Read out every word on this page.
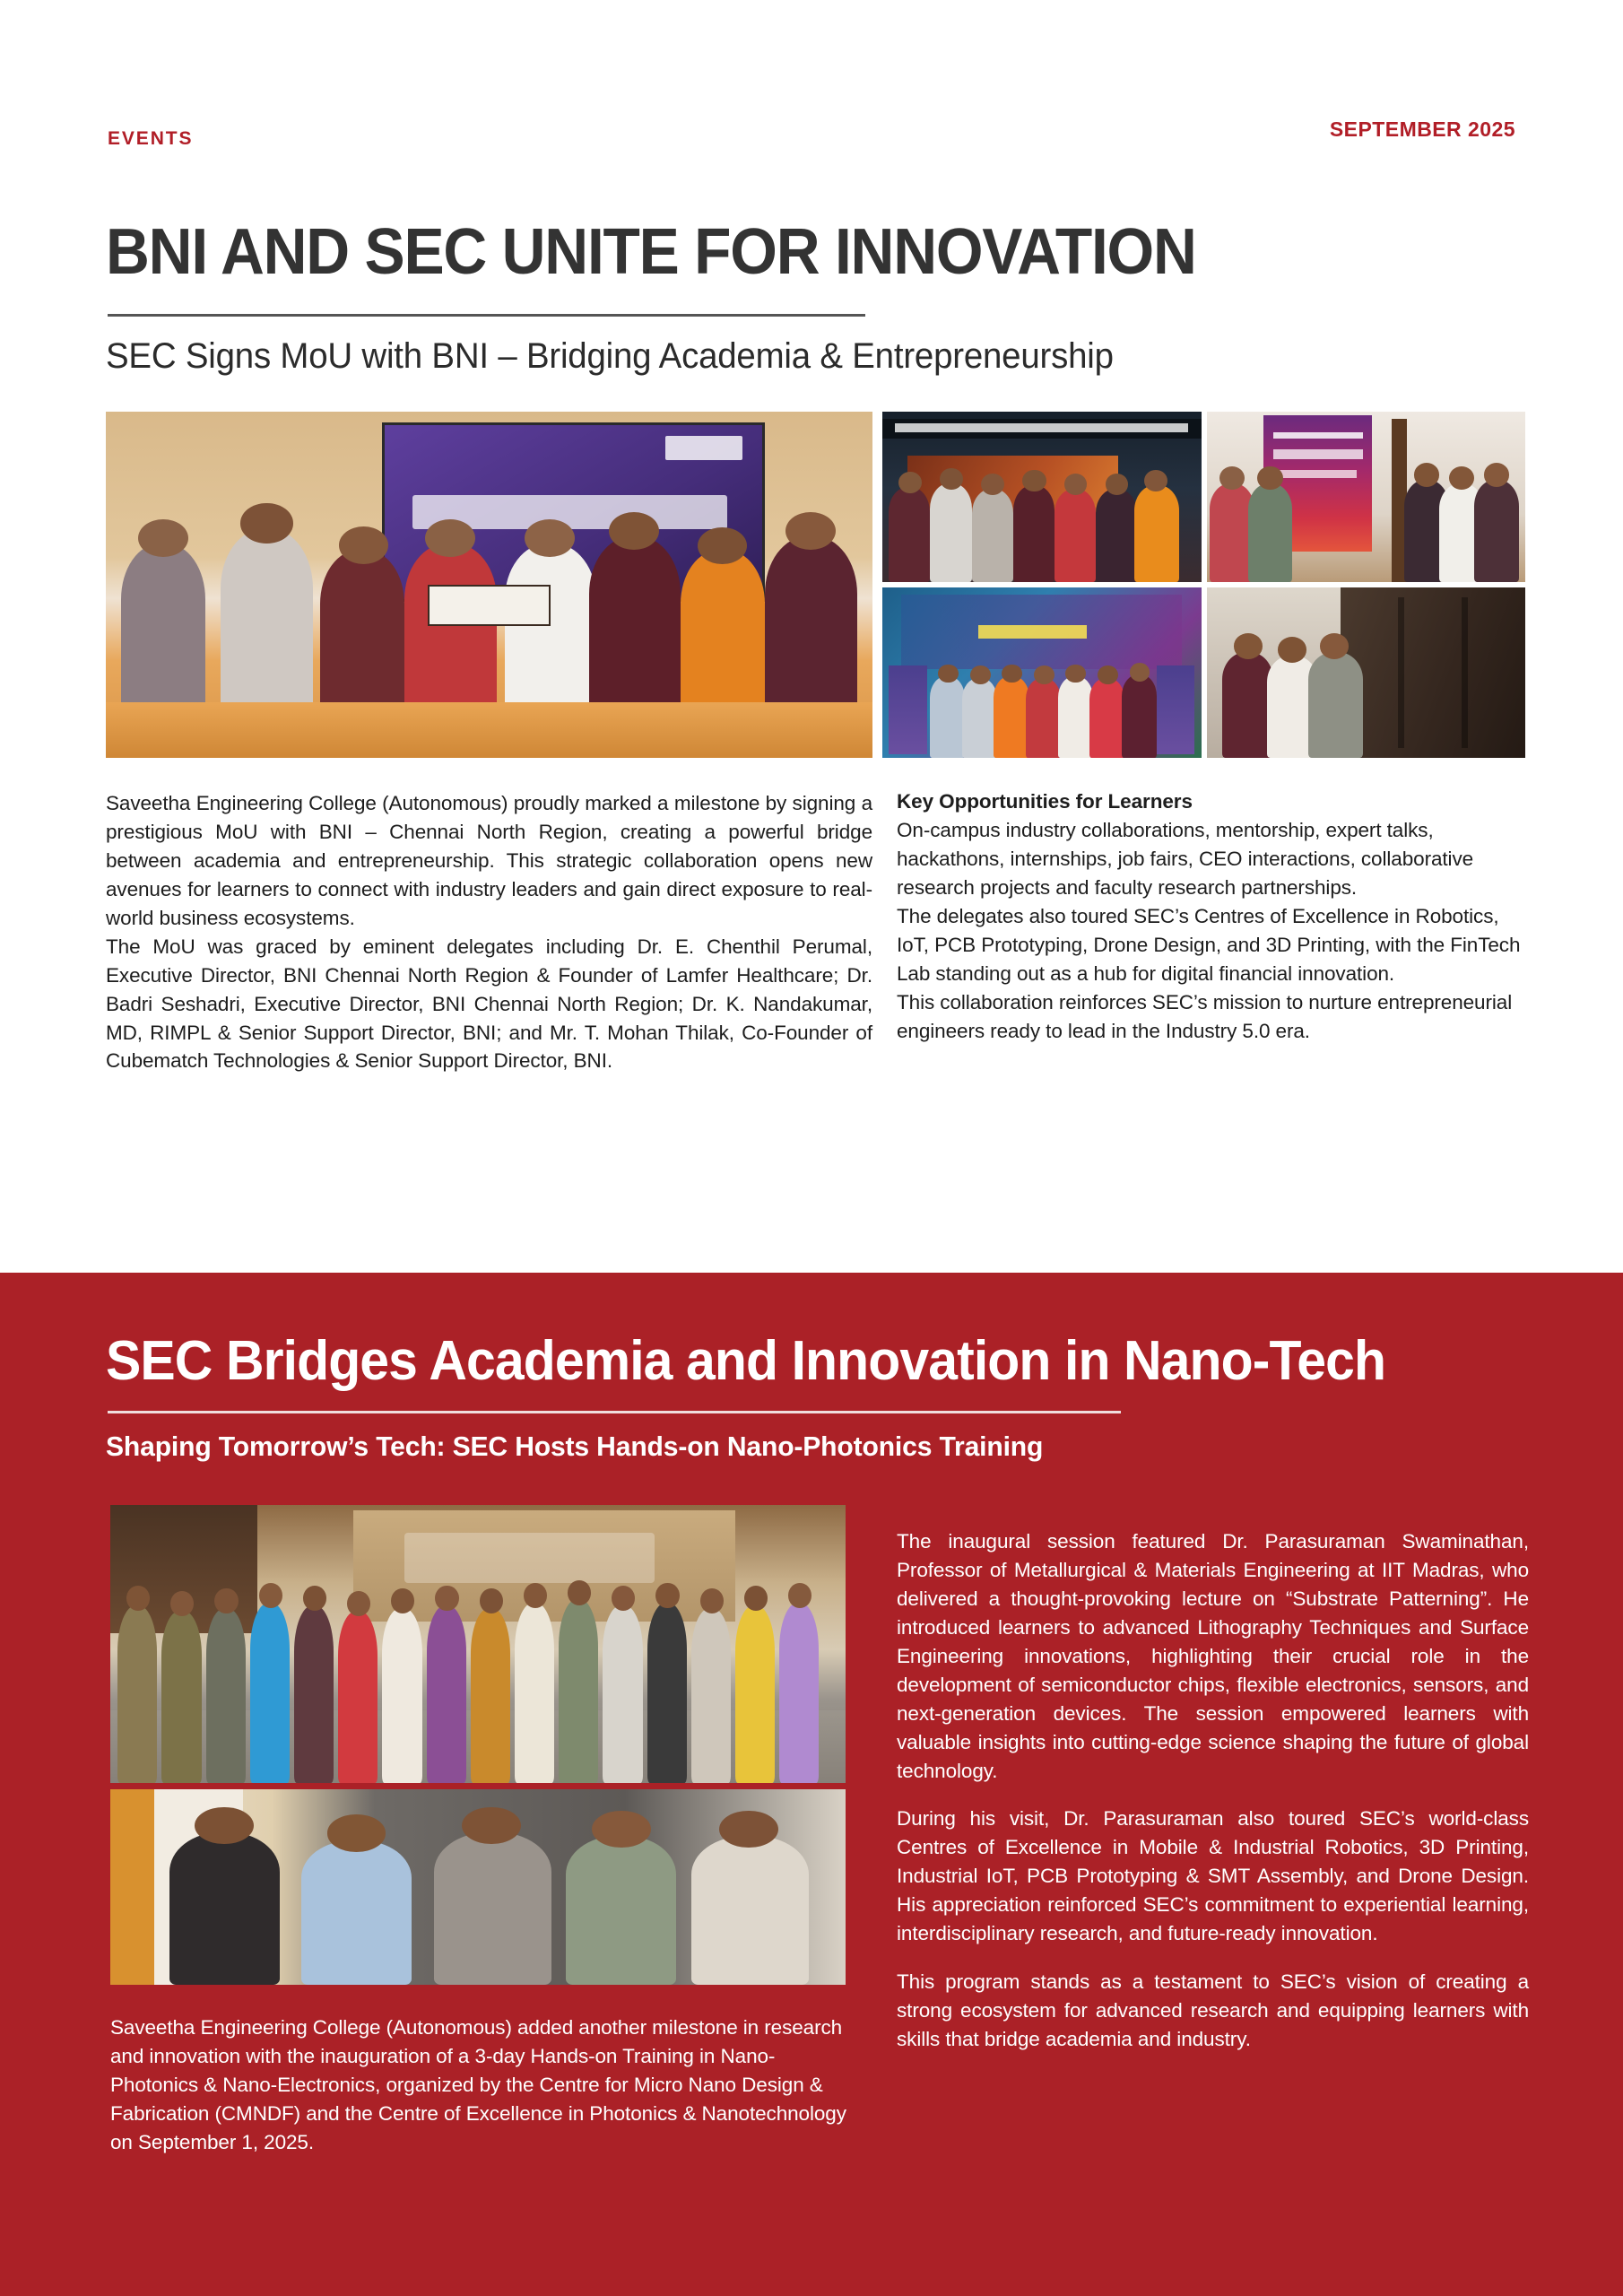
EVENTS	SEPTEMBER 2025
BNI AND SEC UNITE FOR INNOVATION
SEC Signs MoU with BNI – Bridging Academia & Entrepreneurship

Saveetha Engineering College (Autonomous) proudly marked a milestone by signing a prestigious MoU with BNI – Chennai North Region, creating a powerful bridge between academia and entrepreneurship. This strategic collaboration opens new avenues for learners to connect with industry leaders and gain direct exposure to real-world business ecosystems.

The MoU was graced by eminent delegates including Dr. E. Chenthil Perumal, Executive Director, BNI Chennai North Region & Founder of Lamfer Healthcare; Dr. Badri Seshadri, Executive Director, BNI Chennai North Region; Dr. K. Nandakumar, MD, RIMPL & Senior Support Director, BNI; and Mr. T. Mohan Thilak, Co-Founder of Cubematch Technologies & Senior Support Director, BNI.

Key Opportunities for Learners

On-campus industry collaborations, mentorship, expert talks, hackathons, internships, job fairs, CEO interactions, collaborative research projects and faculty research partnerships.

The delegates also toured SEC’s Centres of Excellence in Robotics, IoT, PCB Prototyping, Drone Design, and 3D Printing, with the FinTech Lab standing out as a hub for digital financial innovation.

This collaboration reinforces SEC’s mission to nurture entrepreneurial engineers ready to lead in the Industry 5.0 era.

SEC Bridges Academia and Innovation in Nano-Tech
Shaping Tomorrow’s Tech: SEC Hosts Hands-on Nano-Photonics Training

The inaugural session featured Dr. Parasuraman Swaminathan, Professor of Metallurgical & Materials Engineering at IIT Madras, who delivered a thought-provoking lecture on “Substrate Patterning”. He introduced learners to advanced Lithography Techniques and Surface Engineering innovations, highlighting their crucial role in the development of semiconductor chips, flexible electronics, sensors, and next-generation devices. The session empowered learners with valuable insights into cutting-edge science shaping the future of global technology.

During his visit, Dr. Parasuraman also toured SEC’s world-class Centres of Excellence in Mobile & Industrial Robotics, 3D Printing, Industrial IoT, PCB Prototyping & SMT Assembly, and Drone Design. His appreciation reinforced SEC’s commitment to experiential learning, interdisciplinary research, and future-ready innovation.

This program stands as a testament to SEC’s vision of creating a strong ecosystem for advanced research and equipping learners with skills that bridge academia and industry.

Saveetha Engineering College (Autonomous) added another milestone in research and innovation with the inauguration of a 3-day Hands-on Training in Nano-Photonics & Nano-Electronics, organized by the Centre for Micro Nano Design & Fabrication (CMNDF) and the Centre of Excellence in Photonics & Nanotechnology on September 1, 2025.
